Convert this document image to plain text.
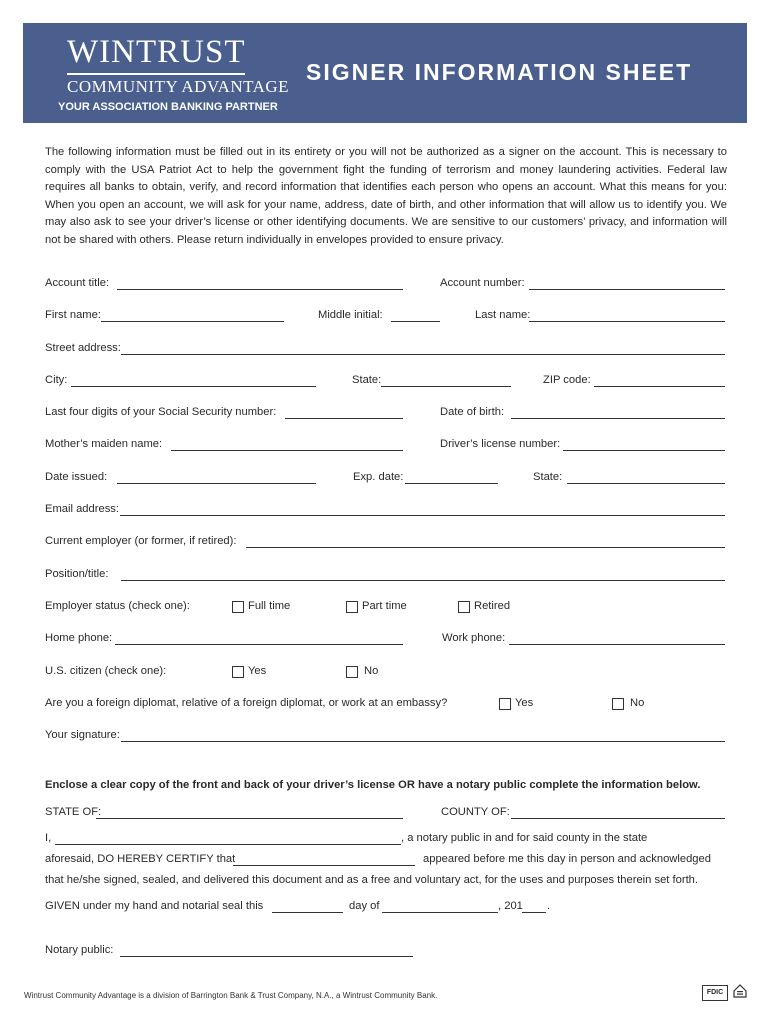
WINTRUST
COMMUNITY ADVANTAGE
YOUR ASSOCIATION BANKING PARTNER
SIGNER INFORMATION SHEET
The following information must be filled out in its entirety or you will not be authorized as a signer on the account. This is necessary to comply with the USA Patriot Act to help the government fight the funding of terrorism and money laundering activities. Federal law requires all banks to obtain, verify, and record information that identifies each person who opens an account. What this means for you: When you open an account, we will ask for your name, address, date of birth, and other information that will allow us to identify you. We may also ask to see your driver’s license or other identifying documents. We are sensitive to our customers’ privacy, and information will not be shared with others. Please return individually in envelopes provided to ensure privacy.
Account title:	Account number:
First name:	Middle initial:	Last name:
Street address:
City:	State:	ZIP code:
Last four digits of your Social Security number:	Date of birth:
Mother’s maiden name:	Driver’s license number:
Date issued:	Exp. date:	State:
Email address:
Current employer (or former, if retired):
Position/title:
Employer status (check one):	Full time	Part time	Retired
Home phone:	Work phone:
U.S. citizen (check one):	Yes	No
Are you a foreign diplomat, relative of a foreign diplomat, or work at an embassy?	Yes	No
Your signature:
Enclose a clear copy of the front and back of your driver’s license OR have a notary public complete the information below.
STATE OF:	COUNTY OF:
I,	, a notary public in and for said county in the state
aforesaid, DO HEREBY CERTIFY that	appeared before me this day in person and acknowledged
that he/she signed, sealed, and delivered this document and as a free and voluntary act, for the uses and purposes therein set forth.
GIVEN under my hand and notarial seal this	day of	, 201 .
Notary public:
Wintrust Community Advantage is a division of Barrington Bank & Trust Company, N.A., a Wintrust Community Bank.	FDIC
